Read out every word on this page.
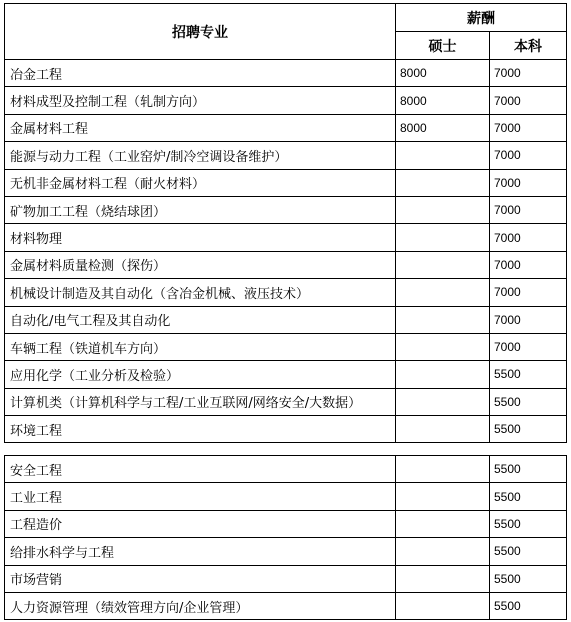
招聘专业	薪酬	
	硕士	本科
冶金工程	8000	7000
材料成型及控制工程（轧制方向）	8000	7000
金属材料工程	8000	7000
能源与动力工程（工业窑炉/制冷空调设备维护）		7000
无机非金属材料工程（耐火材料）		7000
矿物加工工程（烧结球团）		7000
材料物理		7000
金属材料质量检测（探伤）		7000
机械设计制造及其自动化（含冶金机械、液压技术）		7000
自动化/电气工程及其自动化		7000
车辆工程（铁道机车方向）		7000
应用化学（工业分析及检验）		5500
计算机类（计算机科学与工程/工业互联网/网络安全/大数据）		5500
环境工程		5500
安全工程		5500
工业工程		5500
工程造价		5500
给排水科学与工程		5500
市场营销		5500
人力资源管理（绩效管理方向/企业管理）		5500
